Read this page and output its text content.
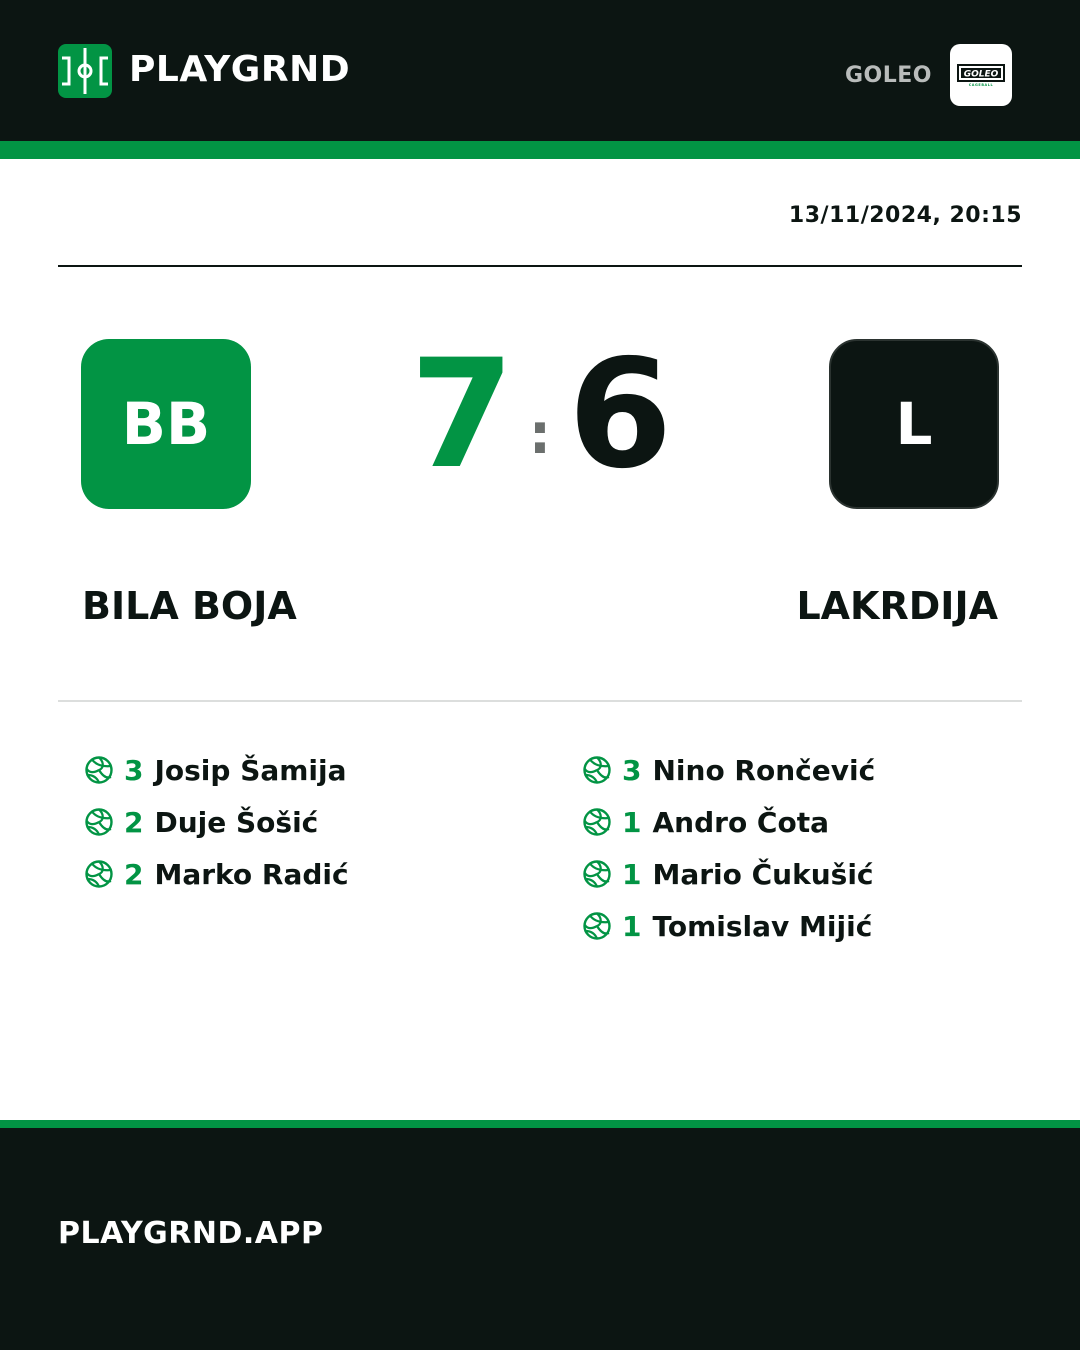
PLAYGRND	GOLEO	GOLEO
CAGEBALL
13/11/2024, 20:15
BB 7 : 6	L
BILA BOJA	LAKRDIJA
3 Josip Šamija
2 Duje Šošić
2 Marko Radić
3 Nino Rončević
1 Andro Čota
1 Mario Čukušić
1 Tomislav Mijić
PLAYGRND.APP
